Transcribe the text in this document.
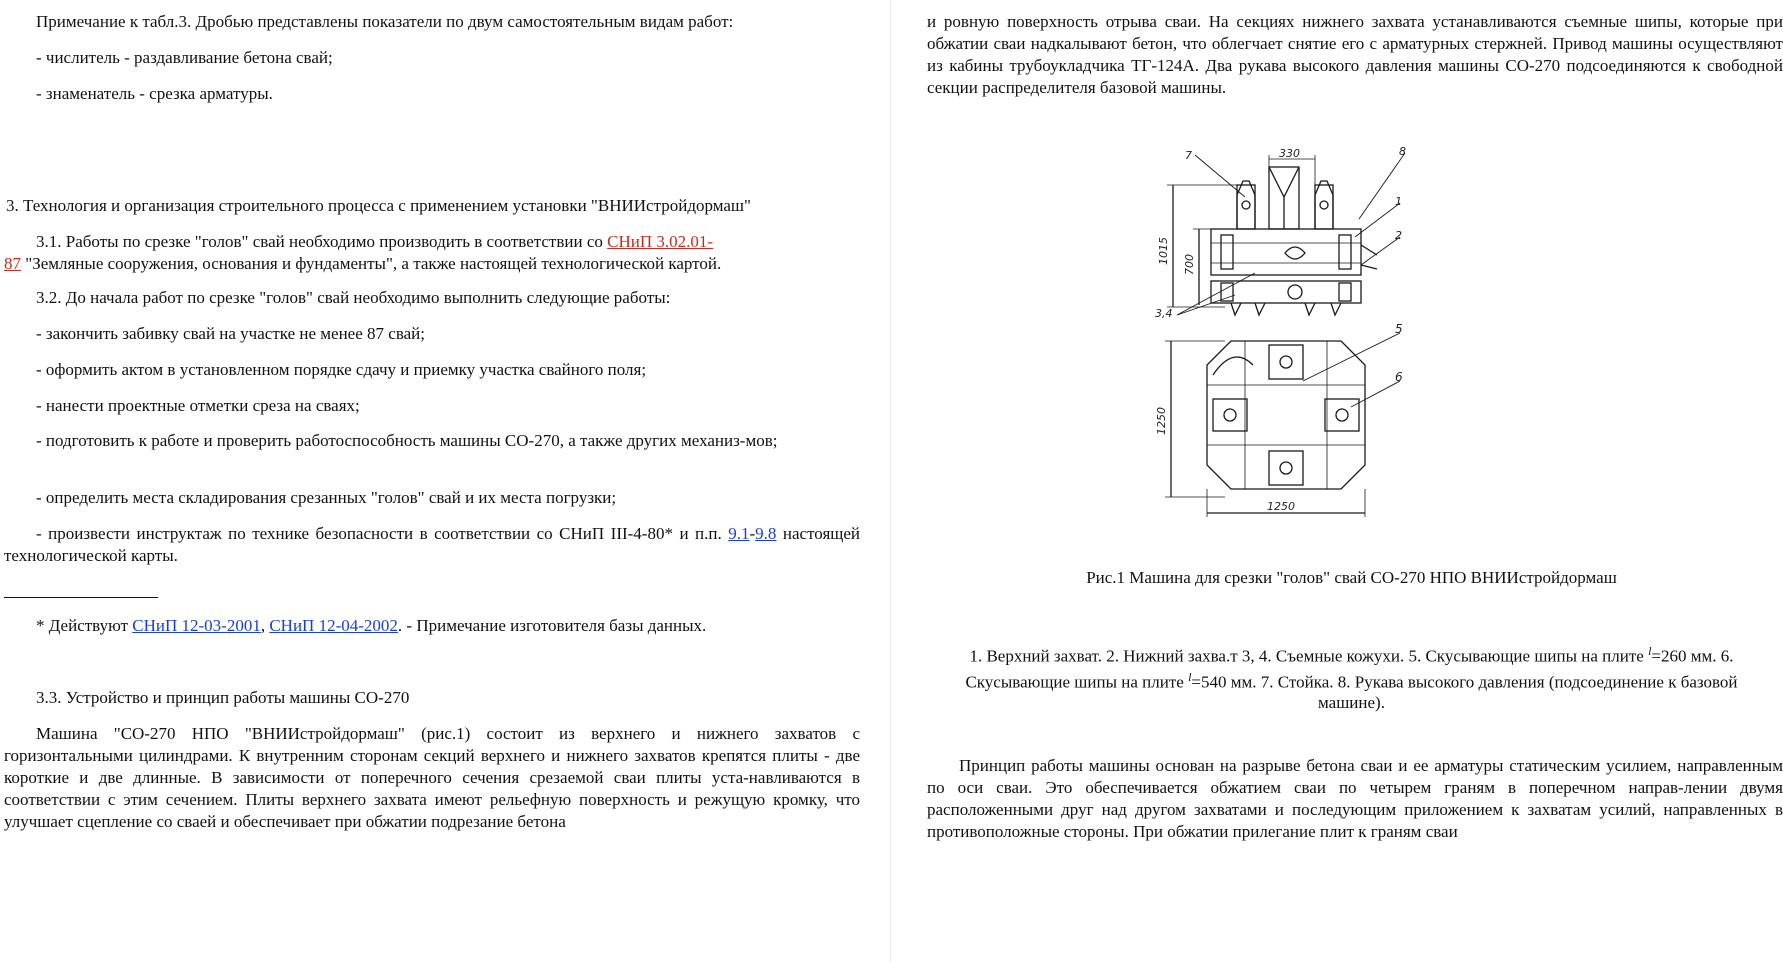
Примечание к табл.3. Дробью представлены показатели по двум самостоятельным видам работ:

- числитель - раздавливание бетона свай;

- знаменатель - срезка арматуры.

3. Технология и организация строительного процесса с применением установки "ВНИИстройдормаш"

3.1. Работы по срезке "голов" свай необходимо производить в соответствии со СНиП 3.02.01-
87 "Земляные сооружения, основания и фундаменты", а также настоящей технологической картой.

3.2. До начала работ по срезке "голов" свай необходимо выполнить следующие работы:

- закончить забивку свай на участке не менее 87 свай;

- оформить актом в установленном порядке сдачу и приемку участка свайного поля;

- нанести проектные отметки среза на сваях;

- подготовить к работе и проверить работоспособность машины СО-270, а также других механиз-мов;

- определить места складирования срезанных "голов" свай и их места погрузки;

- произвести инструктаж по технике безопасности в соответствии со СНиП III-4-80* и п.п. 9.1-9.8 настоящей технологической карты.

* Действуют СНиП 12-03-2001, СНиП 12-04-2002. - Примечание изготовителя базы данных.

3.3. Устройство и принцип работы машины СО-270

Машина "СО-270 НПО "ВНИИстройдормаш" (рис.1) состоит из верхнего и нижнего захватов с горизонтальными цилиндрами. К внутренним сторонам секций верхнего и нижнего захватов крепятся плиты - две короткие и две длинные. В зависимости от поперечного сечения срезаемой сваи плиты уста-навливаются в соответствии с этим сечением. Плиты верхнего захвата имеют рельефную поверхность и режущую кромку, что улучшает сцепление со сваей и обеспечивает при обжатии подрезание бетона

и ровную поверхность отрыва сваи. На секциях нижнего захвата устанавливаются съемные шипы, которые при обжатии сваи надкалывают бетон, что облегчает снятие его с арматурных стержней. Привод машины осуществляют из кабины трубоукладчика ТГ-124А. Два рукава высокого давления машины СО-270 подсоединяются к свободной секции распределителя базовой машины.

7	330	8
1
2
1015 700
3,4
5
6
1250
1250

Рис.1 Машина для срезки "голов" свай СО-270 НПО ВНИИстройдормаш

1. Верхний захват. 2. Нижний захва.т 3, 4. Съемные кожухи. 5. Скусывающие шипы на плите $^l$=260 мм. 6. Скусывающие шипы на плите $^l$=540 мм. 7. Стойка. 8. Рукава высокого давления (подсоединение к базовой машине).

Принцип работы машины основан на разрыве бетона сваи и ее арматуры статическим усилием, направленным по оси сваи. Это обеспечивается обжатием сваи по четырем граням в поперечном направ-лении двумя расположенными друг над другом захватами и последующим приложением к захватам усилий, направленных в противоположные стороны. При обжатии прилегание плит к граням сваи
